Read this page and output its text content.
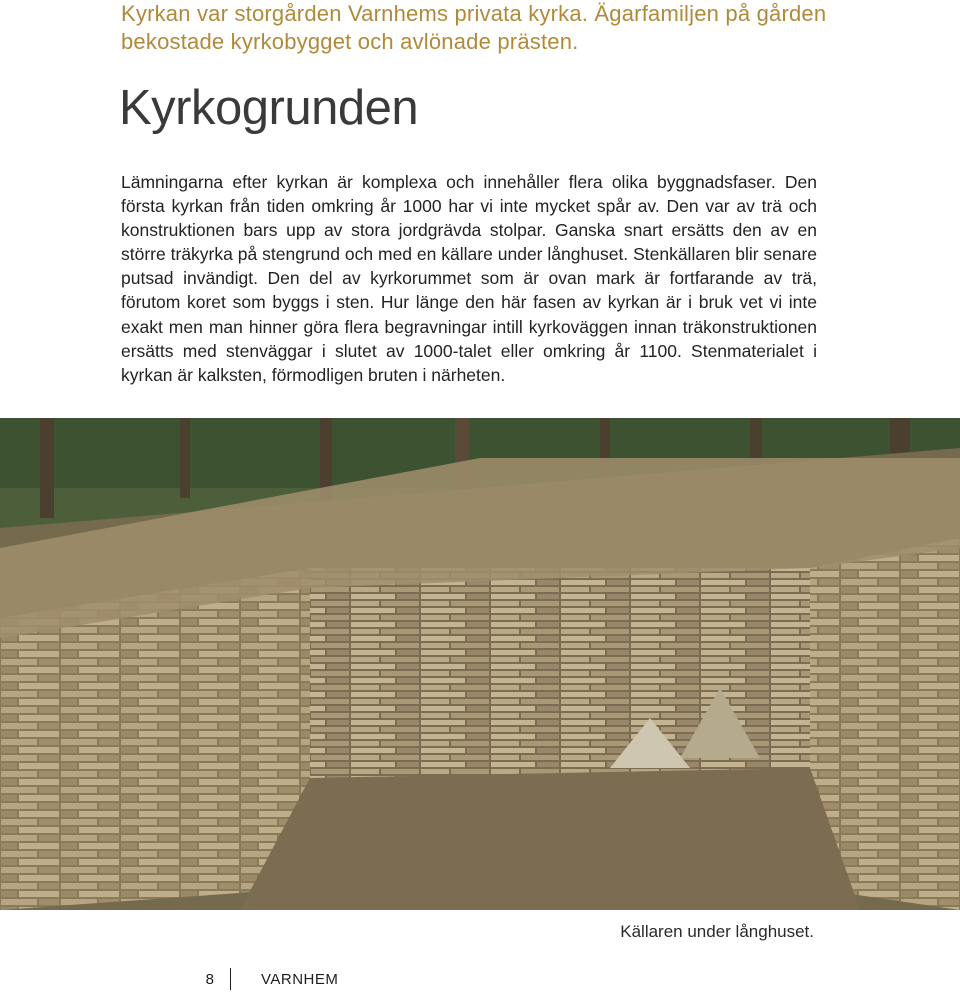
Kyrkan var storgården Varnhems privata kyrka. Ägarfamiljen på gården bekostade kyrkobygget och avlönade prästen.
Kyrkogrunden

Lämningarna efter kyrkan är komplexa och innehåller flera olika byggnadsfaser. Den första kyrkan från tiden omkring år 1000 har vi inte mycket spår av. Den var av trä och konstruktionen bars upp av stora jordgrävda stolpar. Ganska snart ersätts den av en större träkyrka på stengrund och med en källare under långhuset. Stenkällaren blir senare putsad invändigt. Den del av kyrkorummet som är ovan mark är fortfarande av trä, förutom koret som byggs i sten. Hur länge den här fasen av kyrkan är i bruk vet vi inte exakt men man hinner göra flera begravningar intill kyrkoväggen innan träkonstruktionen ersätts med stenväggar i slutet av 1000-talet eller omkring år 1100. Stenmaterialet i kyrkan är kalksten, förmodligen bruten i närheten.

Källaren under långhuset.
8	VARNHEM
